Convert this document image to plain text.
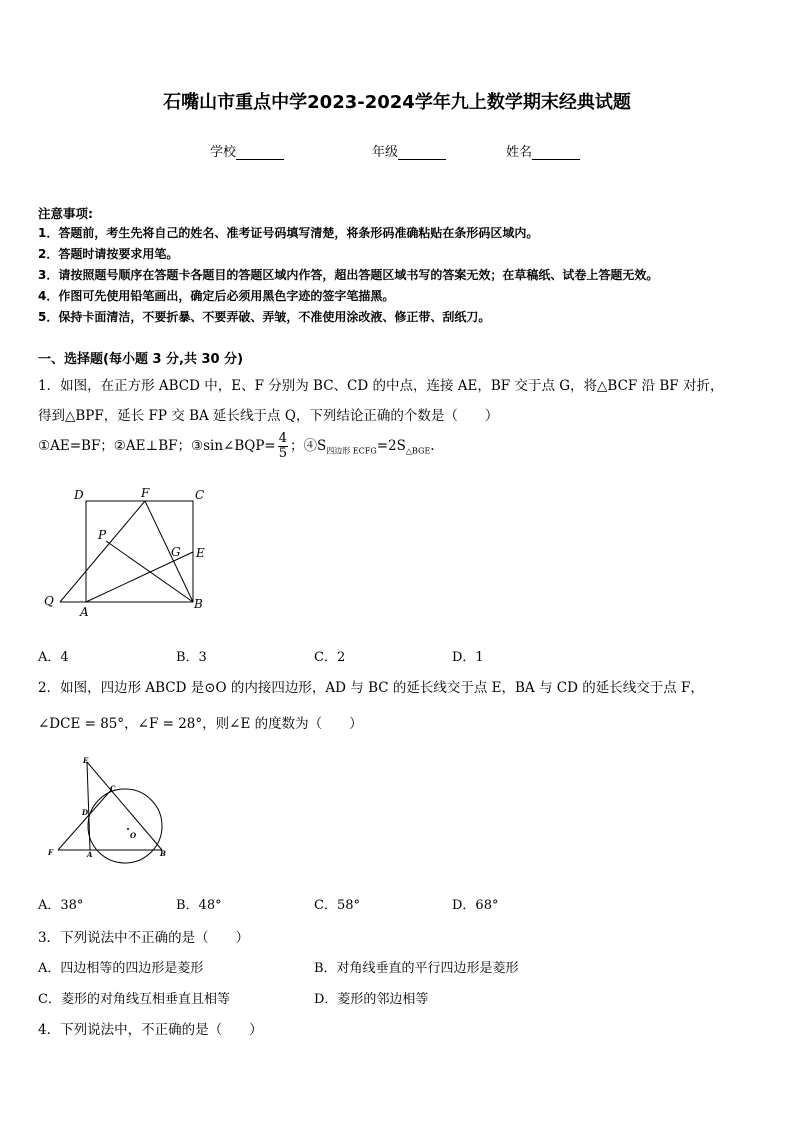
石嘴山市重点中学2023-2024学年九上数学期末经典试题
学校	年级	姓名
注意事项:
1．答题前，考生先将自己的姓名、准考证号码填写清楚，将条形码准确粘贴在条形码区域内。
2．答题时请按要求用笔。
3．请按照题号顺序在答题卡各题目的答题区域内作答，超出答题区域书写的答案无效；在草稿纸、试卷上答题无效。
4．作图可先使用铅笔画出，确定后必须用黑色字迹的签字笔描黑。
5．保持卡面清洁，不要折暴、不要弄破、弄皱，不准使用涂改液、修正带、刮纸刀。
一、选择题(每小题 3 分,共 30 分)
1．如图，在正方形 ABCD 中，E、F 分别为 BC、CD 的中点，连接 AE，BF 交于点 G，将△BCF 沿 BF 对折，
得到△BPF，延长 FP 交 BA 延长线于点 Q，下列结论正确的个数是（　　）
①AE=BF；②AE⊥BF；③sin∠BQP= $\frac{4}{5}$ ；$④S_{四边形 ECFG}=2S_{\triangle BGE}$.
D	F	C
P
G E
Q
A
B
A．4	B．3	C．2	D．1
2．如图，四边形 ABCD 是⊙O 的内接四边形，AD 与 BC 的延长线交于点 E，BA 与 CD 的延长线交于点 F，
∠DCE = 85°，∠F = 28°，则∠E 的度数为（　　）
E
C
D
O
F	A	B
A．38°	B．48°	C．58°	D．68°
3．下列说法中不正确的是（　　）
A．四边相等的四边形是菱形	B．对角线垂直的平行四边形是菱形
C．菱形的对角线互相垂直且相等	D．菱形的邻边相等
4．下列说法中，不正确的是（　　）
